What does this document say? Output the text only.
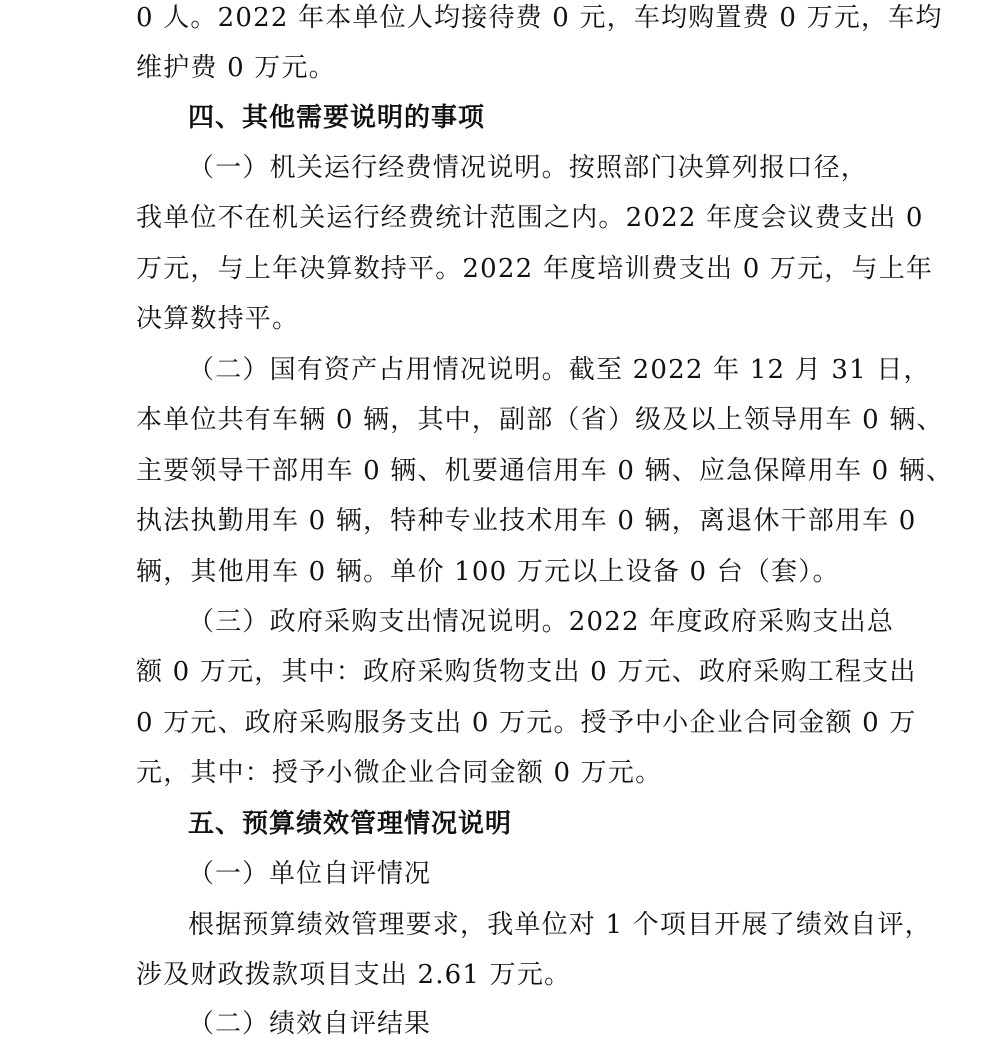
0 人。2022 年本单位人均接待费 0 元，车均购置费 0 万元，车均
维护费 0 万元。
四、其他需要说明的事项
（一）机关运行经费情况说明。按照部门决算列报口径，
我单位不在机关运行经费统计范围之内。2022 年度会议费支出 0
万元，与上年决算数持平。2022 年度培训费支出 0 万元，与上年
决算数持平。
（二）国有资产占用情况说明。截至 2022 年 12 月 31 日，
本单位共有车辆 0 辆，其中，副部（省）级及以上领导用车 0 辆、
主要领导干部用车 0 辆、机要通信用车 0 辆、应急保障用车 0 辆、
执法执勤用车 0 辆，特种专业技术用车 0 辆，离退休干部用车 0
辆，其他用车 0 辆。单价 100 万元以上设备 0 台（套）。
（三）政府采购支出情况说明。2022 年度政府采购支出总
额 0 万元，其中：政府采购货物支出 0 万元、政府采购工程支出
0 万元、政府采购服务支出 0 万元。授予中小企业合同金额 0 万
元，其中：授予小微企业合同金额 0 万元。
五、预算绩效管理情况说明
（一）单位自评情况
根据预算绩效管理要求，我单位对 1 个项目开展了绩效自评，
涉及财政拨款项目支出 2.61 万元。
（二）绩效自评结果
